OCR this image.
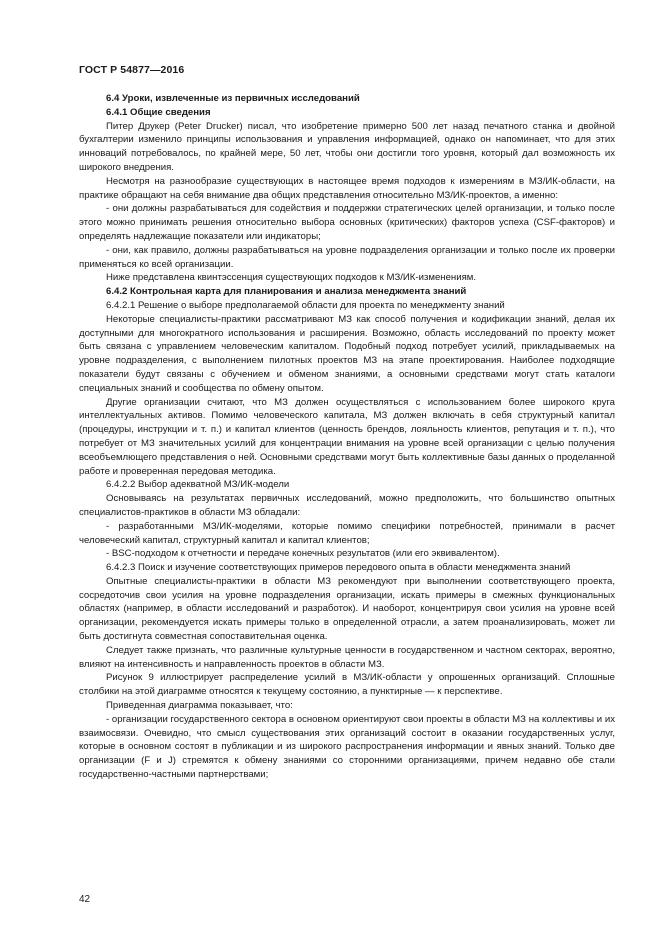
ГОСТ Р 54877—2016

6.4 Уроки, извлеченные из первичных исследований

6.4.1 Общие сведения

Питер Друкер (Peter Drucker) писал, что изобретение примерно 500 лет назад печатного станка и двойной бухгалтерии изменило принципы использования и управления информацией, однако он напоминает, что для этих инноваций потребовалось, по крайней мере, 50 лет, чтобы они достигли того уровня, который дал возможность их широкого внедрения.

Несмотря на разнообразие существующих в настоящее время подходов к измерениям в МЗ/ИК-области, на практике обращают на себя внимание два общих представления относительно МЗ/ИК-проектов, а именно:

- они должны разрабатываться для содействия и поддержки стратегических целей организации, и только после этого можно принимать решения относительно выбора основных (критических) факторов успеха (CSF-факторов) и определять надлежащие показатели или индикаторы;

- они, как правило, должны разрабатываться на уровне подразделения организации и только после их проверки применяться ко всей организации.

Ниже представлена квинтэссенция существующих подходов к МЗ/ИК-изменениям.

6.4.2 Контрольная карта для планирования и анализа менеджмента знаний

6.4.2.1 Решение о выборе предполагаемой области для проекта по менеджменту знаний

Некоторые специалисты-практики рассматривают МЗ как способ получения и кодификации знаний, делая их доступными для многократного использования и расширения. Возможно, область исследований по проекту может быть связана с управлением человеческим капиталом. Подобный подход потребует усилий, прикладываемых на уровне подразделения, с выполнением пилотных проектов МЗ на этапе проектирования. Наиболее подходящие показатели будут связаны с обучением и обменом знаниями, а основными средствами могут стать каталоги специальных знаний и сообщества по обмену опытом.

Другие организации считают, что МЗ должен осуществляться с использованием более широкого круга интеллектуальных активов. Помимо человеческого капитала, МЗ должен включать в себя структурный капитал (процедуры, инструкции и т. п.) и капитал клиентов (ценность брендов, лояльность клиентов, репутация и т. п.), что потребует от МЗ значительных усилий для концентрации внимания на уровне всей организации с целью получения всеобъемлющего представления о ней. Основными средствами могут быть коллективные базы данных о проделанной работе и проверенная передовая методика.

6.4.2.2 Выбор адекватной МЗ/ИК-модели

Основываясь на результатах первичных исследований, можно предположить, что большинство опытных специалистов-практиков в области МЗ обладали:

- разработанными МЗ/ИК-моделями, которые помимо специфики потребностей, принимали в расчет человеческий капитал, структурный капитал и капитал клиентов;

- BSC-подходом к отчетности и передаче конечных результатов (или его эквивалентом).

6.4.2.3 Поиск и изучение соответствующих примеров передового опыта в области менеджмента знаний

Опытные специалисты-практики в области МЗ рекомендуют при выполнении соответствующего проекта, сосредоточив свои усилия на уровне подразделения организации, искать примеры в смежных функциональных областях (например, в области исследований и разработок). И наоборот, концентрируя свои усилия на уровне всей организации, рекомендуется искать примеры только в определенной отрасли, а затем проанализировать, может ли быть достигнута совместная сопоставительная оценка.

Следует также признать, что различные культурные ценности в государственном и частном секторах, вероятно, влияют на интенсивность и направленность проектов в области МЗ.

Рисунок 9 иллюстрирует распределение усилий в МЗ/ИК-области у опрошенных организаций. Сплошные столбики на этой диаграмме относятся к текущему состоянию, а пунктирные — к перспективе.

Приведенная диаграмма показывает, что:

- организации государственного сектора в основном ориентируют свои проекты в области МЗ на коллективы и их взаимосвязи. Очевидно, что смысл существования этих организаций состоит в оказании государственных услуг, которые в основном состоят в публикации и из широкого распространения информации и явных знаний. Только две организации (F и J) стремятся к обмену знаниями со сторонними организациями, причем недавно обе стали государственно-частными партнерствами;

42
